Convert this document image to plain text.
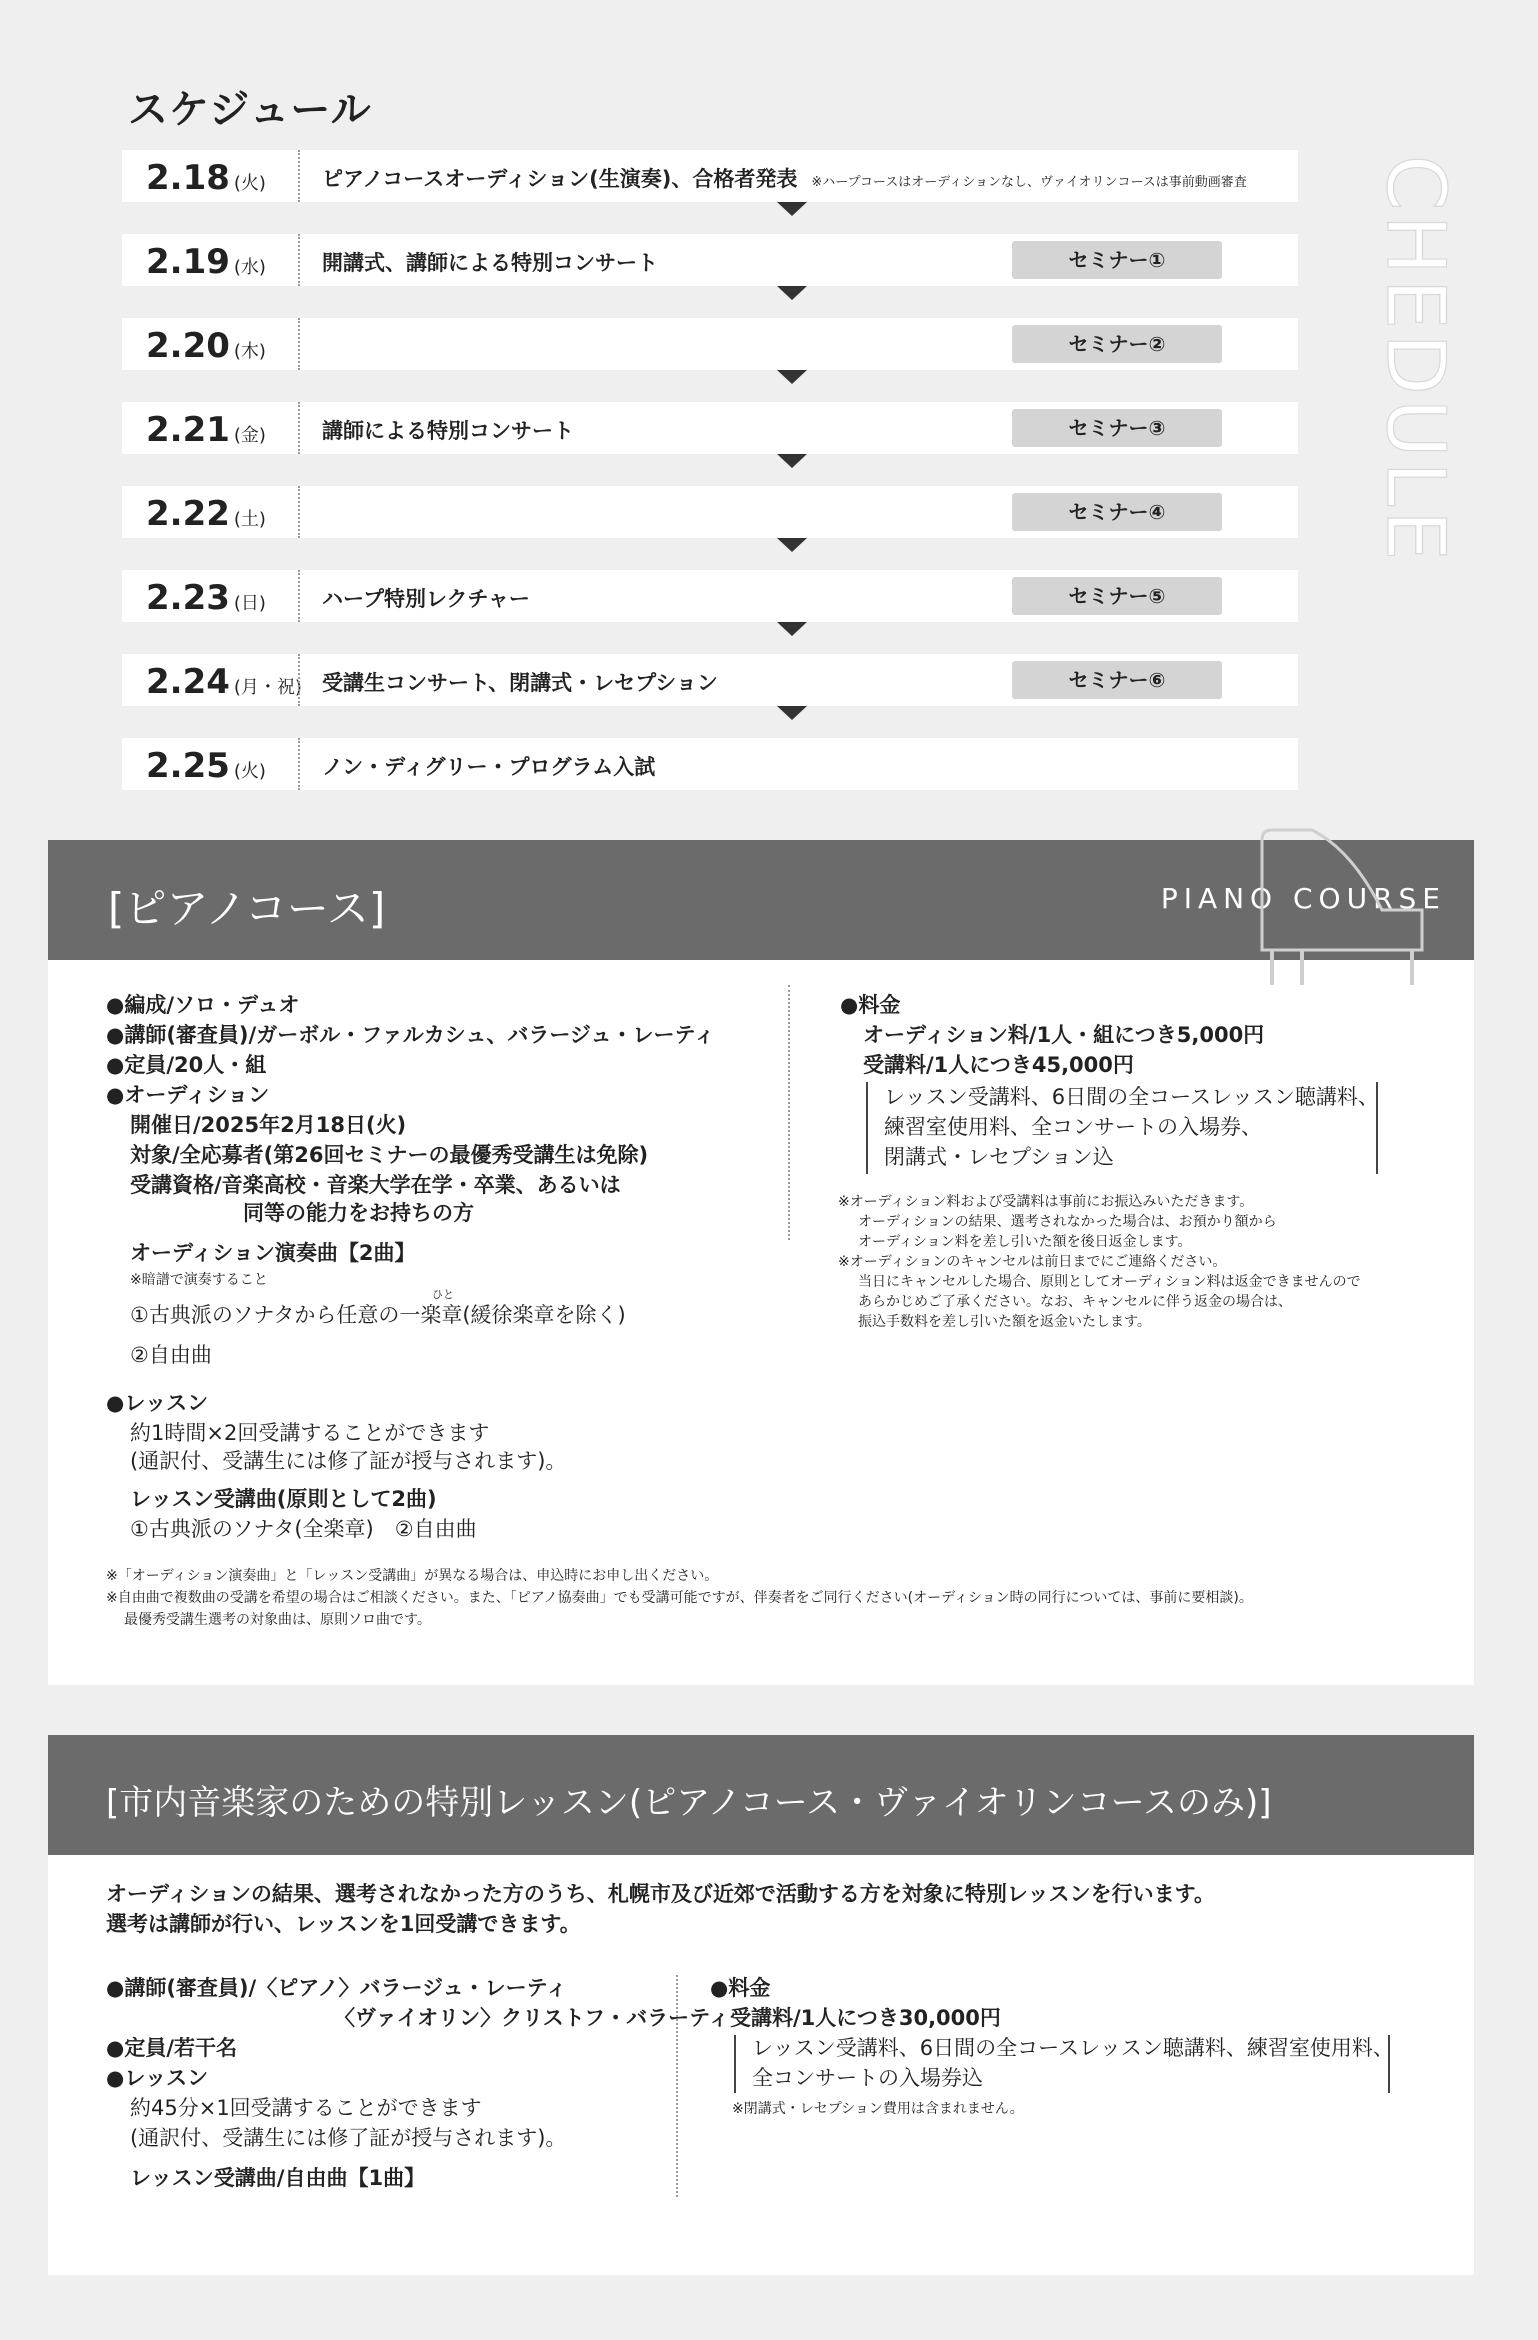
スケジュール	SCHEDULE
2.18 (火)	ピアノコースオーディション(生演奏)、合格者発表 ※ハープコースはオーディションなし、ヴァイオリンコースは事前動画審査
2.19 (水)	開講式、講師による特別コンサート	セミナー①
2.20 (木)	セミナー②
2.21 (金)	講師による特別コンサート	セミナー③
2.22 (土)	セミナー④
2.23 (日)	ハープ特別レクチャー	セミナー⑤
2.24 (月・祝) 受講生コンサート、閉講式・レセプション	セミナー⑥
2.25 (火)	ノン・ディグリー・プログラム入試
[ピアノコース]	PIANO COURSE
●編成/ソロ・デュオ
●講師(審査員)/ガーボル・ファルカシュ、バラージュ・レーティ
●定員/20人・組
●オーディション
開催日/2025年2月18日(火)
対象/全応募者(第26回セミナーの最優秀受講生は免除)
受講資格/音楽高校・音楽大学在学・卒業、あるいは
同等の能力をお持ちの方
オーディション演奏曲【2曲】
※暗譜で演奏すること
ひと
①古典派のソナタから任意の一楽章(緩徐楽章を除く)
②自由曲
●レッスン
約1時間×2回受講することができます
(通訳付、受講生には修了証が授与されます)。
レッスン受講曲(原則として2曲)
①古典派のソナタ(全楽章)　②自由曲
●料金
オーディション料/1人・組につき5,000円
受講料/1人につき45,000円
レッスン受講料、6日間の全コースレッスン聴講料、
練習室使用料、全コンサートの入場券、
閉講式・レセプション込
※オーディション料および受講料は事前にお振込みいただきます。
オーディションの結果、選考されなかった場合は、お預かり額から
オーディション料を差し引いた額を後日返金します。
※オーディションのキャンセルは前日までにご連絡ください。
当日にキャンセルした場合、原則としてオーディション料は返金できませんので
あらかじめご了承ください。なお、キャンセルに伴う返金の場合は、
振込手数料を差し引いた額を返金いたします。
※「オーディション演奏曲」と「レッスン受講曲」が異なる場合は、申込時にお申し出ください。
※自由曲で複数曲の受講を希望の場合はご相談ください。また、「ピアノ協奏曲」でも受講可能ですが、伴奏者をご同行ください(オーディション時の同行については、事前に要相談)。
最優秀受講生選考の対象曲は、原則ソロ曲です。
[市内音楽家のための特別レッスン(ピアノコース・ヴァイオリンコースのみ)]
オーディションの結果、選考されなかった方のうち、札幌市及び近郊で活動する方を対象に特別レッスンを行います。
選考は講師が行い、レッスンを1回受講できます。
●講師(審査員)/〈ピアノ〉バラージュ・レーティ
〈ヴァイオリン〉クリストフ・バラーティ
●定員/若干名
●レッスン
約45分×1回受講することができます
(通訳付、受講生には修了証が授与されます)。
レッスン受講曲/自由曲【1曲】
●料金
受講料/1人につき30,000円
レッスン受講料、6日間の全コースレッスン聴講料、練習室使用料、
全コンサートの入場券込
※閉講式・レセプション費用は含まれません。
